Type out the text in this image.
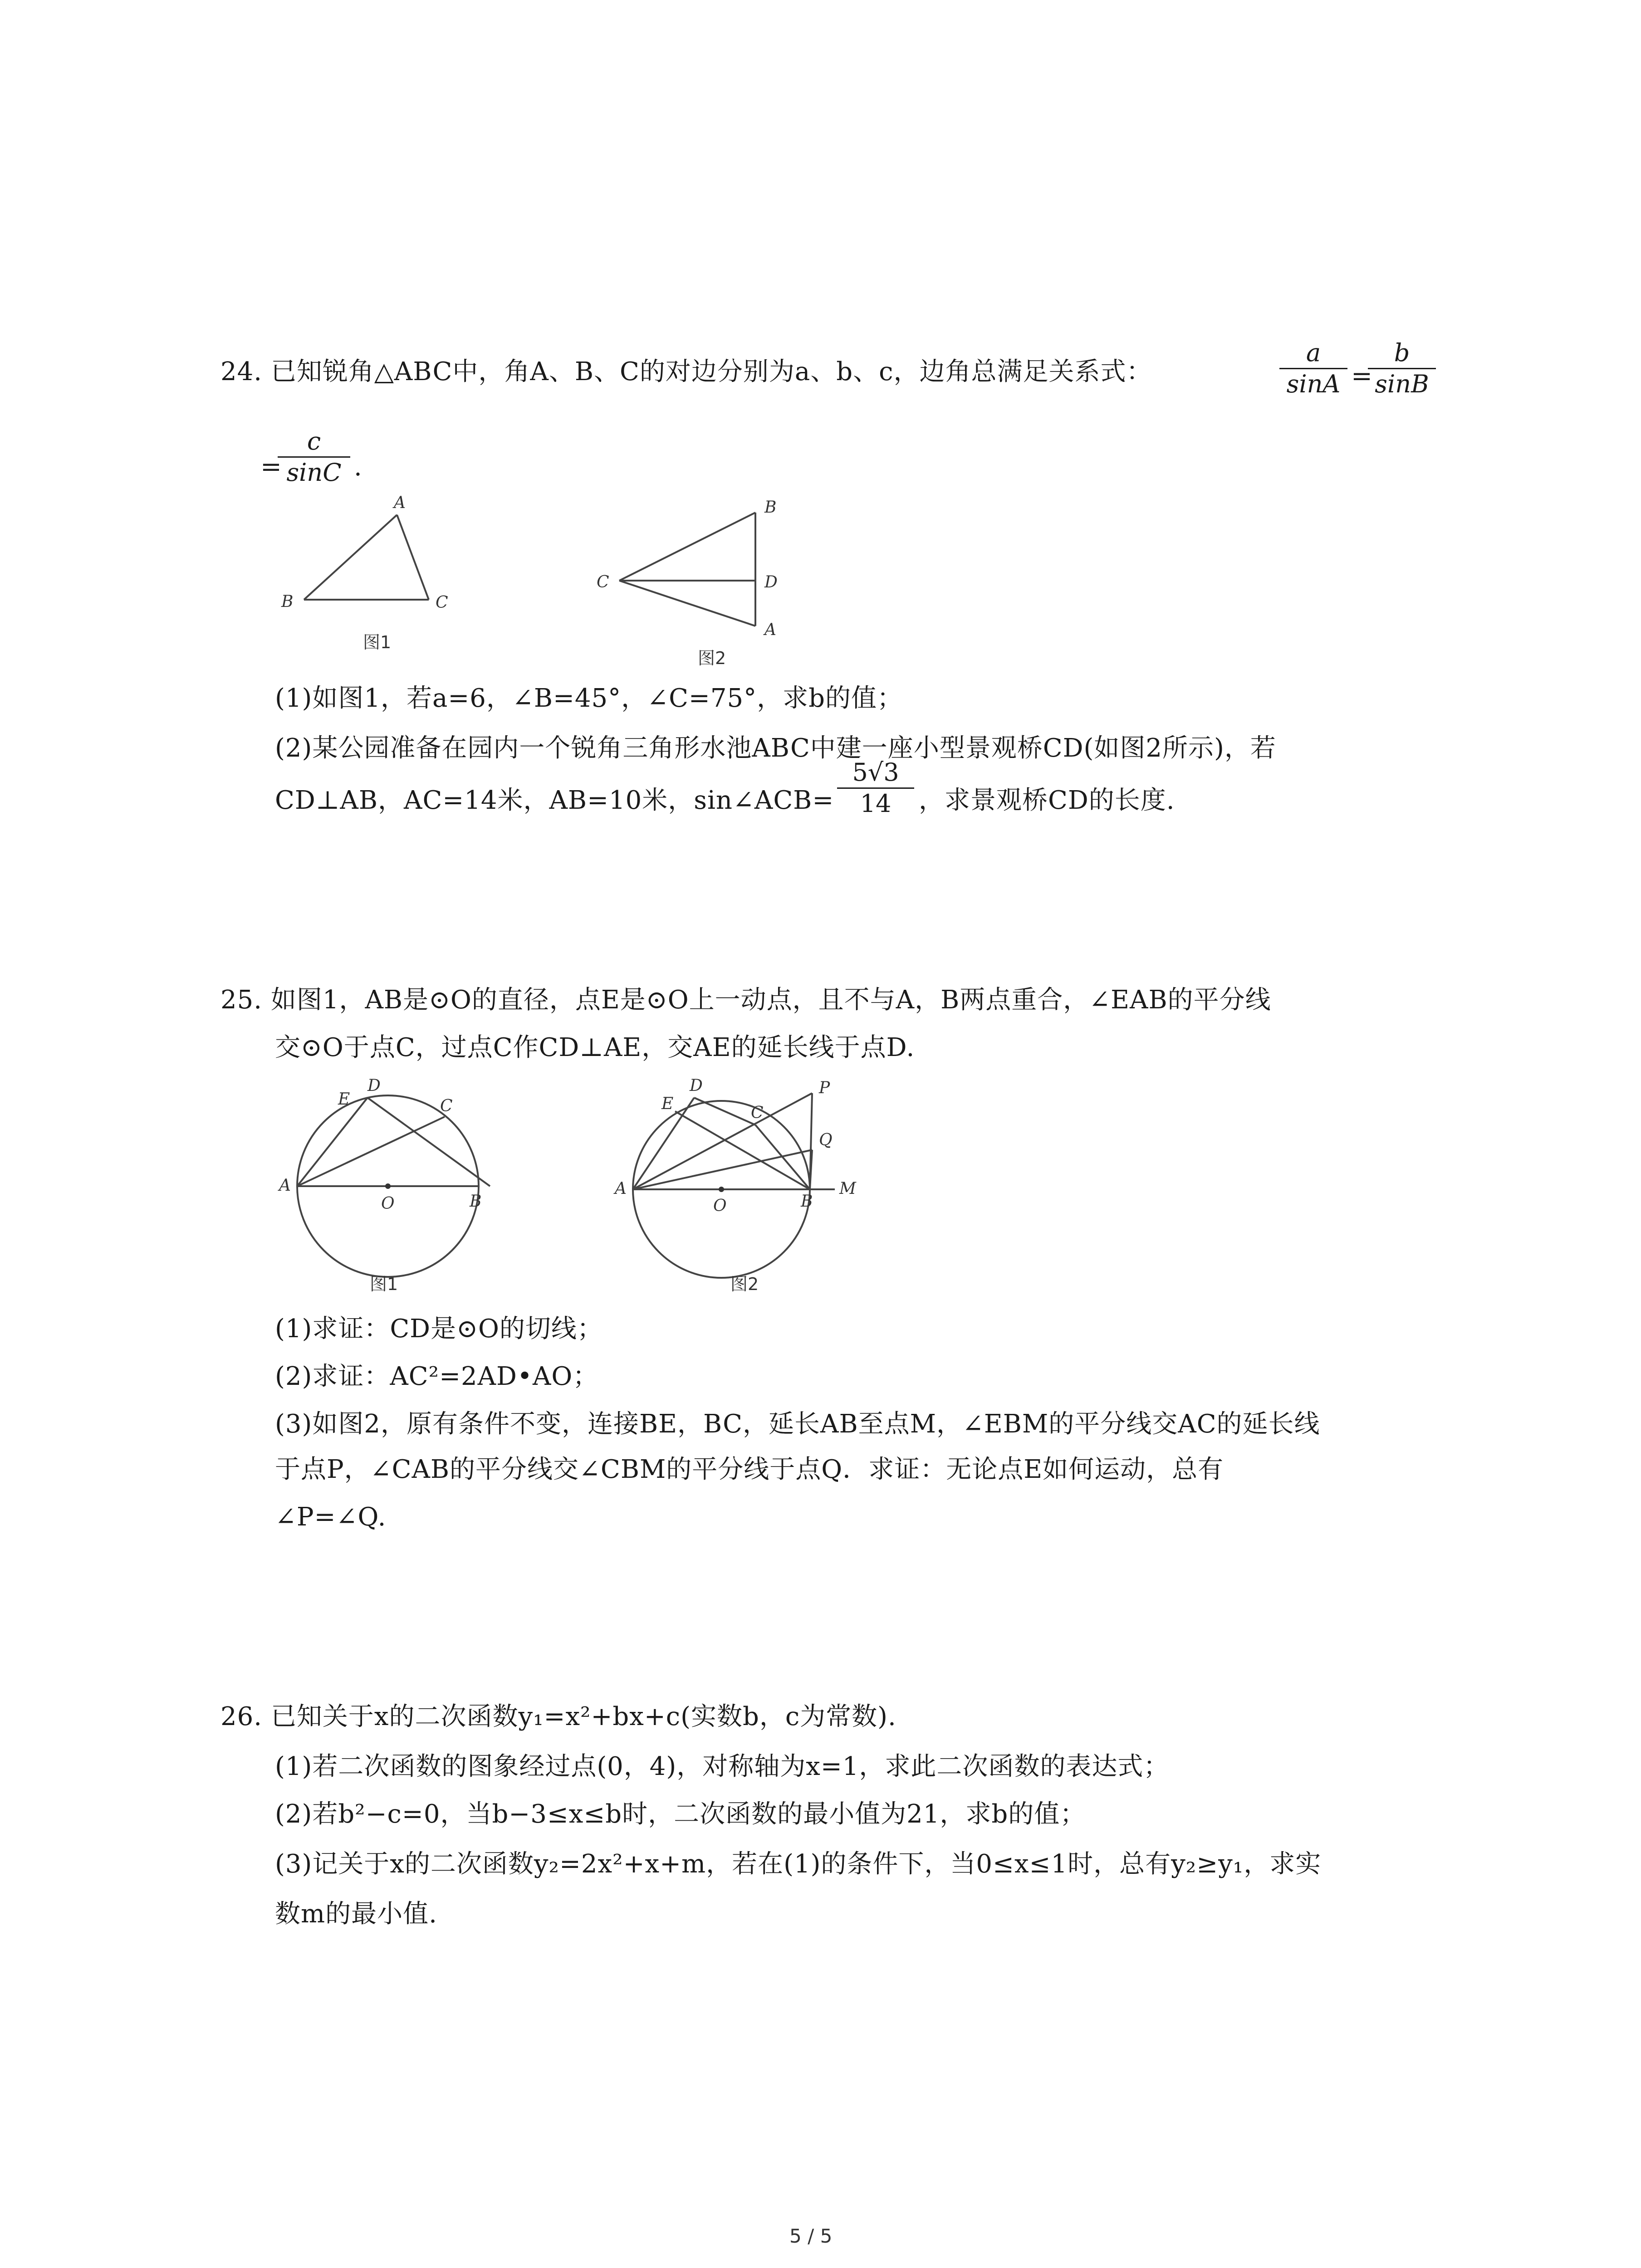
24. 已知锐角△ABC中，角A、B、C的对边分别为a、b、c，边角总满足关系式：
a
sinA =
b
sinB
=
c
sinC .
A
B	C
图1
B
C	D
A
图2
(1)如图1，若a=6，∠B=45°，∠C=75°，求b的值；
(2)某公园准备在园内一个锐角三角形水池ABC中建一座小型景观桥CD(如图2所示)，若
CD⊥AB，AC=14米，AB=10米，sin∠ACB=
5√3
14	，求景观桥CD的长度.
25. 如图1，AB是⊙O的直径，点E是⊙O上一动点，且不与A，B两点重合，∠EAB的平分线
交⊙O于点C，过点C作CD⊥AE，交AE的延长线于点D.
D
E	C
A
B
O
图1
D
E	C
P
Q
A
B
M
O
图2
(1)求证：CD是⊙O的切线；
(2)求证：AC²=2AD•AO；
(3)如图2，原有条件不变，连接BE，BC，延长AB至点M，∠EBM的平分线交AC的延长线
于点P，∠CAB的平分线交∠CBM的平分线于点Q．求证：无论点E如何运动，总有
∠P=∠Q.
26. 已知关于x的二次函数y₁=x²+bx+c(实数b，c为常数).
(1)若二次函数的图象经过点(0，4)，对称轴为x=1，求此二次函数的表达式；
(2)若b²−c=0，当b−3≤x≤b时，二次函数的最小值为21，求b的值；
(3)记关于x的二次函数y₂=2x²+x+m，若在(1)的条件下，当0≤x≤1时，总有y₂≥y₁，求实
数m的最小值.
5 / 5
